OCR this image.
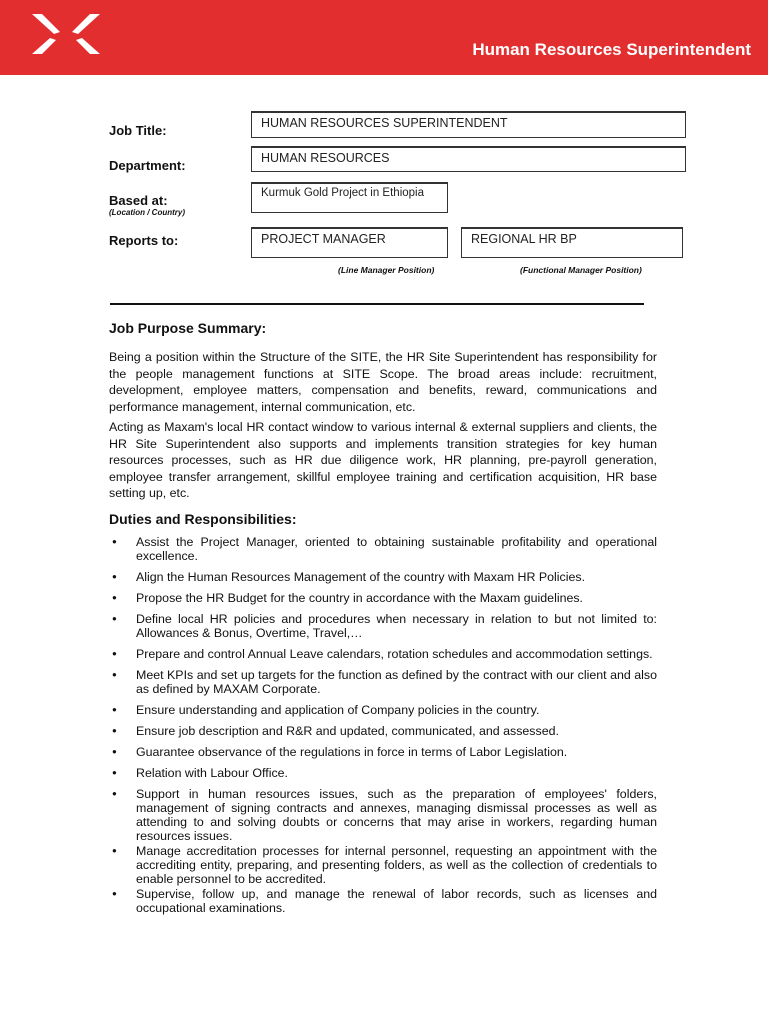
Human Resources Superintendent
Job Title:	HUMAN RESOURCES SUPERINTENDENT
Department:	HUMAN RESOURCES
Based at:
(Location / Country)
Kurmuk Gold Project in Ethiopia
Reports to:	PROJECT MANAGER	REGIONAL HR BP
(Line Manager Position)	(Functional Manager Position)
Job Purpose Summary:

Being a position within the Structure of the SITE, the HR Site Superintendent has responsibility for the people management functions at SITE Scope. The broad areas include: recruitment, development, employee matters, compensation and benefits, reward, communications and performance management, internal communication, etc.

Acting as Maxam's local HR contact window to various internal & external suppliers and clients, the HR Site Superintendent also supports and implements transition strategies for key human resources processes, such as HR due diligence work, HR planning, pre-payroll generation, employee transfer arrangement, skillful employee training and certification acquisition, HR base setting up, etc.

Duties and Responsibilities:
● Assist the Project Manager, oriented to obtaining sustainable profitability and operational excellence.
● Align the Human Resources Management of the country with Maxam HR Policies.
● Propose the HR Budget for the country in accordance with the Maxam guidelines.
● Define local HR policies and procedures when necessary in relation to but not limited to: Allowances & Bonus, Overtime, Travel,…
● Prepare and control Annual Leave calendars, rotation schedules and accommodation settings.
● Meet KPIs and set up targets for the function as defined by the contract with our client and also as defined by MAXAM Corporate.
● Ensure understanding and application of Company policies in the country.
● Ensure job description and R&R and updated, communicated, and assessed.
● Guarantee observance of the regulations in force in terms of Labor Legislation.
● Relation with Labour Office.
● Support in human resources issues, such as the preparation of employees' folders, management of signing contracts and annexes, managing dismissal processes as well as attending to and solving doubts or concerns that may arise in workers, regarding human resources issues.
● Manage accreditation processes for internal personnel, requesting an appointment with the accrediting entity, preparing, and presenting folders, as well as the collection of credentials to enable personnel to be accredited.
● Supervise, follow up, and manage the renewal of labor records, such as licenses and occupational examinations.
